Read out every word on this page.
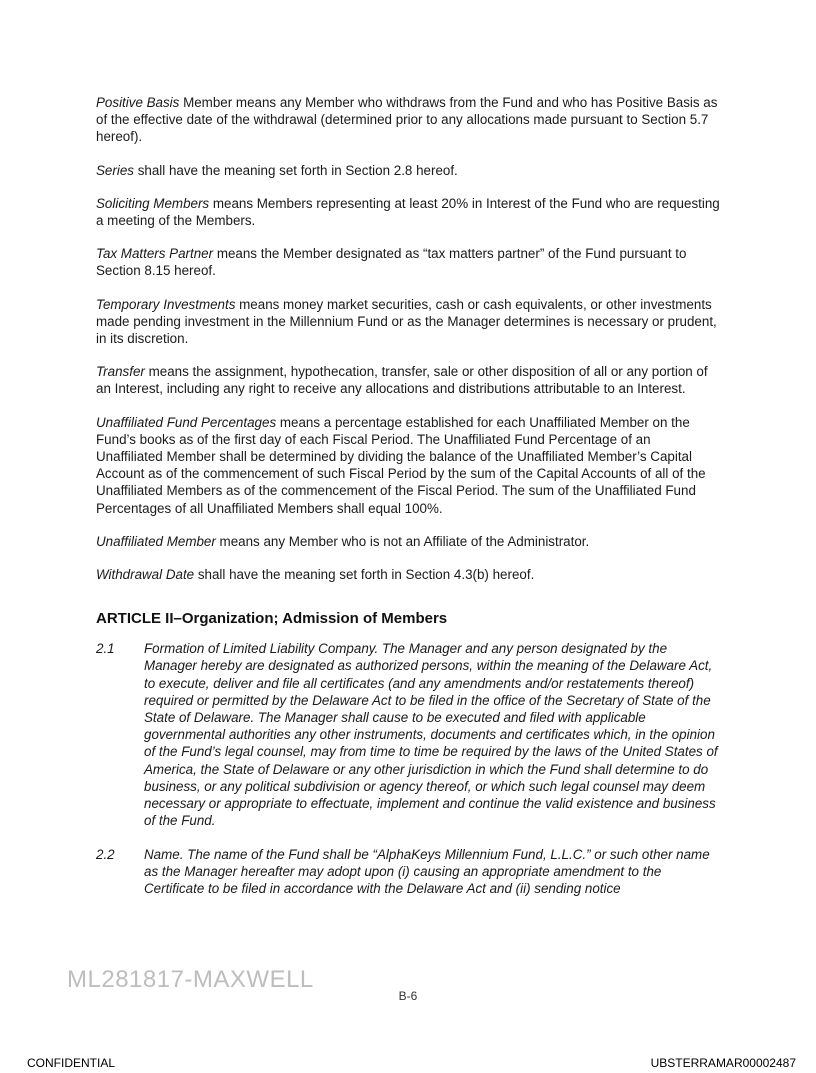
Positive Basis Member means any Member who withdraws from the Fund and who has Positive Basis as of the effective date of the withdrawal (determined prior to any allocations made pursuant to Section 5.7 hereof).

Series shall have the meaning set forth in Section 2.8 hereof.

Soliciting Members means Members representing at least 20% in Interest of the Fund who are requesting a meeting of the Members.

Tax Matters Partner means the Member designated as “tax matters partner” of the Fund pursuant to Section 8.15 hereof.

Temporary Investments means money market securities, cash or cash equivalents, or other investments made pending investment in the Millennium Fund or as the Manager determines is necessary or prudent, in its discretion.

Transfer means the assignment, hypothecation, transfer, sale or other disposition of all or any portion of an Interest, including any right to receive any allocations and distributions attributable to an Interest.

Unaffiliated Fund Percentages means a percentage established for each Unaffiliated Member on the Fund’s books as of the first day of each Fiscal Period. The Unaffiliated Fund Percentage of an Unaffiliated Member shall be determined by dividing the balance of the Unaffiliated Member’s Capital Account as of the commencement of such Fiscal Period by the sum of the Capital Accounts of all of the Unaffiliated Members as of the commencement of the Fiscal Period. The sum of the Unaffiliated Fund Percentages of all Unaffiliated Members shall equal 100%.

Unaffiliated Member means any Member who is not an Affiliate of the Administrator.

Withdrawal Date shall have the meaning set forth in Section 4.3(b) hereof.

ARTICLE II–Organization; Admission of Members
2.1	Formation of Limited Liability Company. The Manager and any person designated by the Manager hereby are designated as authorized persons, within the meaning of the Delaware Act, to execute, deliver and file all certificates (and any amendments and/or restatements thereof) required or permitted by the Delaware Act to be filed in the office of the Secretary of State of the State of Delaware. The Manager shall cause to be executed and filed with applicable governmental authorities any other instruments, documents and certificates which, in the opinion of the Fund’s legal counsel, may from time to time be required by the laws of the United States of America, the State of Delaware or any other jurisdiction in which the Fund shall determine to do business, or any political subdivision or agency thereof, or which such legal counsel may deem necessary or appropriate to effectuate, implement and continue the valid existence and business of the Fund.
2.2	Name. The name of the Fund shall be “AlphaKeys Millennium Fund, L.L.C.” or such other name as the Manager hereafter may adopt upon (i) causing an appropriate amendment to the Certificate to be filed in accordance with the Delaware Act and (ii) sending notice
ML281817-MAXWELL
B-6
CONFIDENTIAL	UBSTERRAMAR00002487
